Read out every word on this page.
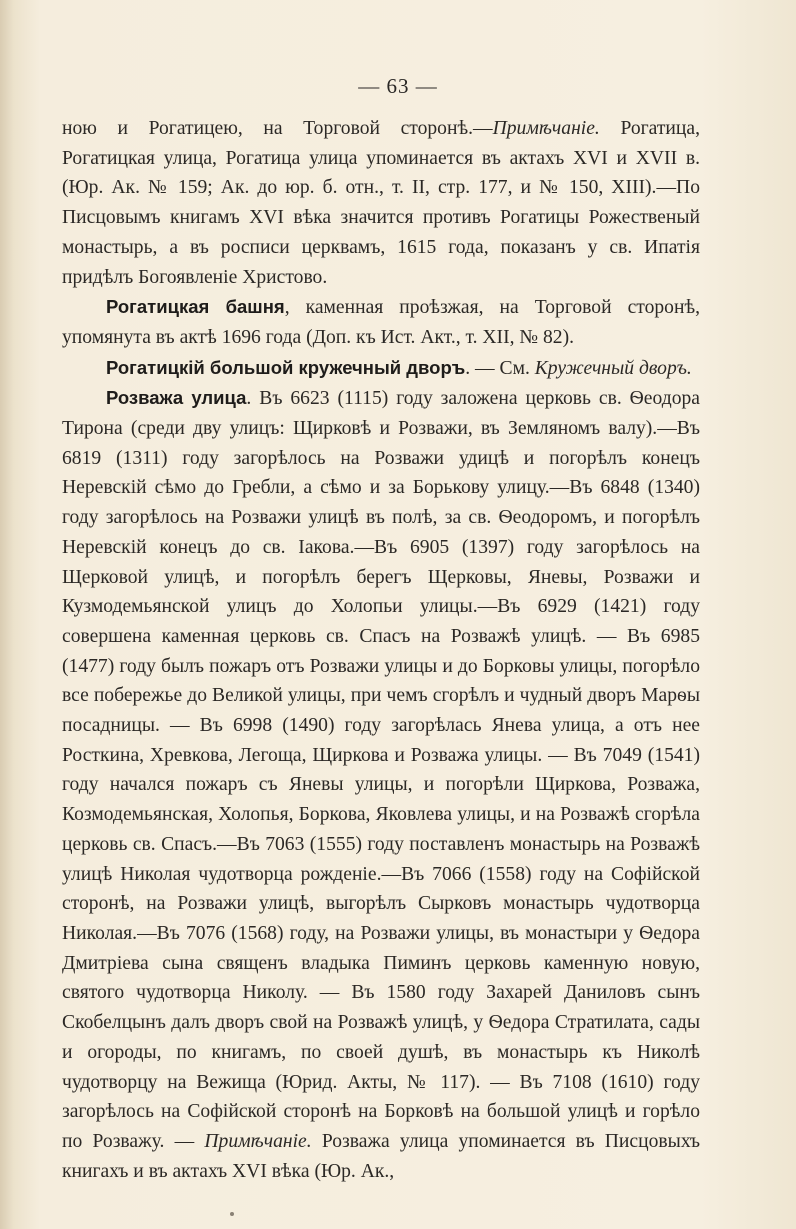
— 63 —

ною и Рогатицею, на Торговой сторонѣ.—Примѣчаніе. Рогатица, Рогатицкая улица, Рогатица улица упоминается въ актахъ XVI и XVII в. (Юр. Ак. № 159; Ак. до юр. б. отн., т. II, стр. 177, и № 150, XIII).—По Писцовымъ книгамъ XVI вѣка значится противъ Рогатицы Рожественый монастырь, а въ росписи церквамъ, 1615 года, показанъ у св. Ипатія придѣлъ Богоявленіе Христово.

Рогатицкая башня, каменная проѣзжая, на Торговой сторонѣ, упомянута въ актѣ 1696 года (Доп. къ Ист. Акт., т. XII, № 82).

Рогатицкій большой кружечный дворъ. — См. Кружечный дворъ.

Розважа улица. Въ 6623 (1115) году заложена церковь св. Ѳеодора Тирона (среди дву улицъ: Щирковѣ и Розважи, въ Земляномъ валу).—Въ 6819 (1311) году загорѣлось на Розважи удицѣ и погорѣлъ конецъ Неревскій сѣмо до Гребли, а сѣмо и за Борькову улицу.—Въ 6848 (1340) году загорѣлось на Розважи улицѣ въ полѣ, за св. Ѳеодоромъ, и погорѣлъ Неревскій конецъ до св. Іакова.—Въ 6905 (1397) году загорѣлось на Щерковой улицѣ, и погорѣлъ берегъ Щерковы, Яневы, Розважи и Кузмодемьянской улицъ до Холопьи улицы.—Въ 6929 (1421) году совершена каменная церковь св. Спасъ на Розважѣ улицѣ. — Въ 6985 (1477) году былъ пожаръ отъ Розважи улицы и до Борковы улицы, погорѣло все побережье до Великой улицы, при чемъ сгорѣлъ и чудный дворъ Марѳы посадницы. — Въ 6998 (1490) году загорѣлась Янева улица, а отъ нее Росткина, Хревкова, Легоща, Щиркова и Розважа улицы. — Въ 7049 (1541) году начался пожаръ съ Яневы улицы, и погорѣли Щиркова, Розважа, Козмодемьянская, Холопья, Боркова, Яковлева улицы, и на Розважѣ сгорѣла церковь св. Спасъ.—Въ 7063 (1555) году поставленъ монастырь на Розважѣ улицѣ Николая чудотворца рожденіе.—Въ 7066 (1558) году на Софійской сторонѣ, на Розважи улицѣ, выгорѣлъ Сырковъ монастырь чудотворца Николая.—Въ 7076 (1568) году, на Розважи улицы, въ монастыри у Ѳедора Дмитріева сына священъ владыка Пиминъ церковь каменную новую, святого чудотворца Николу. — Въ 1580 году Захарей Даниловъ сынъ Скобелцынъ далъ дворъ свой на Розважѣ улицѣ, у Ѳедора Стратилата, сады и огороды, по книгамъ, по своей душѣ, въ монастырь къ Николѣ чудотворцу на Вежища (Юрид. Акты, № 117). — Въ 7108 (1610) году загорѣлось на Софійской сторонѣ на Борковѣ на большой улицѣ и горѣло по Розважу. — Примѣчаніе. Розважа улица упоминается въ Писцовыхъ книгахъ и въ актахъ XVI вѣка (Юр. Ак.,
